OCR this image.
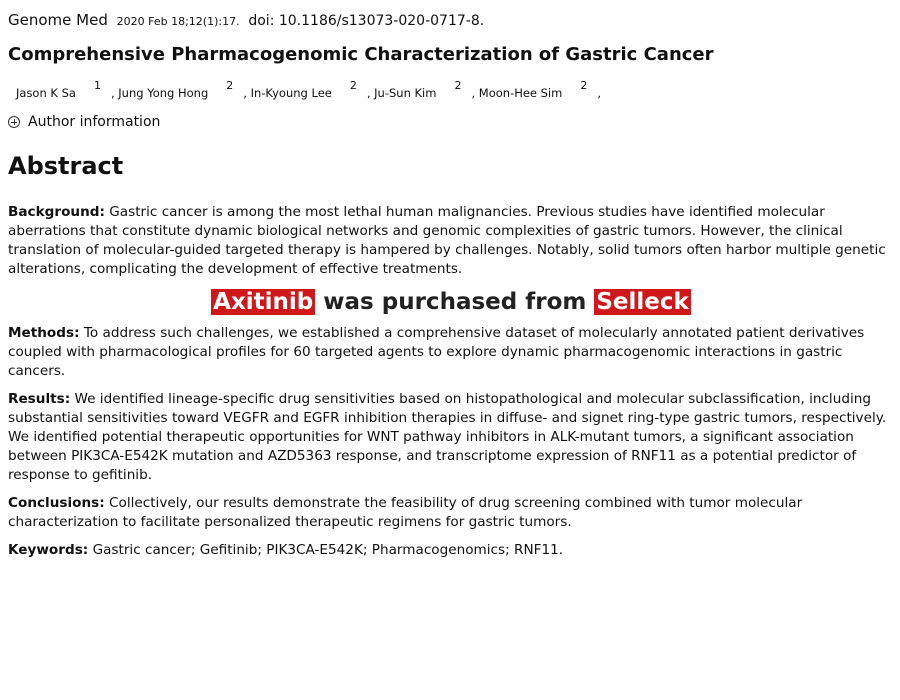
Genome Med 2020 Feb 18;12(1):17. doi: 10.1186/s13073-020-0717-8.
Comprehensive Pharmacogenomic Characterization of Gastric Cancer
Jason K Sa$^1$, Jung Yong Hong$^2$, In-Kyoung Lee$^2$, Ju-Sun Kim$^2$, Moon-Hee Sim$^2$,
Author information
Abstract

Background: Gastric cancer is among the most lethal human malignancies. Previous studies have identified molecular aberrations that constitute dynamic biological networks and genomic complexities of gastric tumors. However, the clinical translation of molecular-guided targeted therapy is hampered by challenges. Notably, solid tumors often harbor multiple genetic alterations, complicating the development of effective treatments.

Axitinib was purchased from Selleck

Methods: To address such challenges, we established a comprehensive dataset of molecularly annotated patient derivatives coupled with pharmacological profiles for 60 targeted agents to explore dynamic pharmacogenomic interactions in gastric cancers.

Results: We identified lineage-specific drug sensitivities based on histopathological and molecular subclassification, including substantial sensitivities toward VEGFR and EGFR inhibition therapies in diffuse- and signet ring-type gastric tumors, respectively. We identified potential therapeutic opportunities for WNT pathway inhibitors in ALK-mutant tumors, a significant association between PIK3CA-E542K mutation and AZD5363 response, and transcriptome expression of RNF11 as a potential predictor of response to gefitinib.

Conclusions: Collectively, our results demonstrate the feasibility of drug screening combined with tumor molecular characterization to facilitate personalized therapeutic regimens for gastric tumors.

Keywords: Gastric cancer; Gefitinib; PIK3CA-E542K; Pharmacogenomics; RNF11.
